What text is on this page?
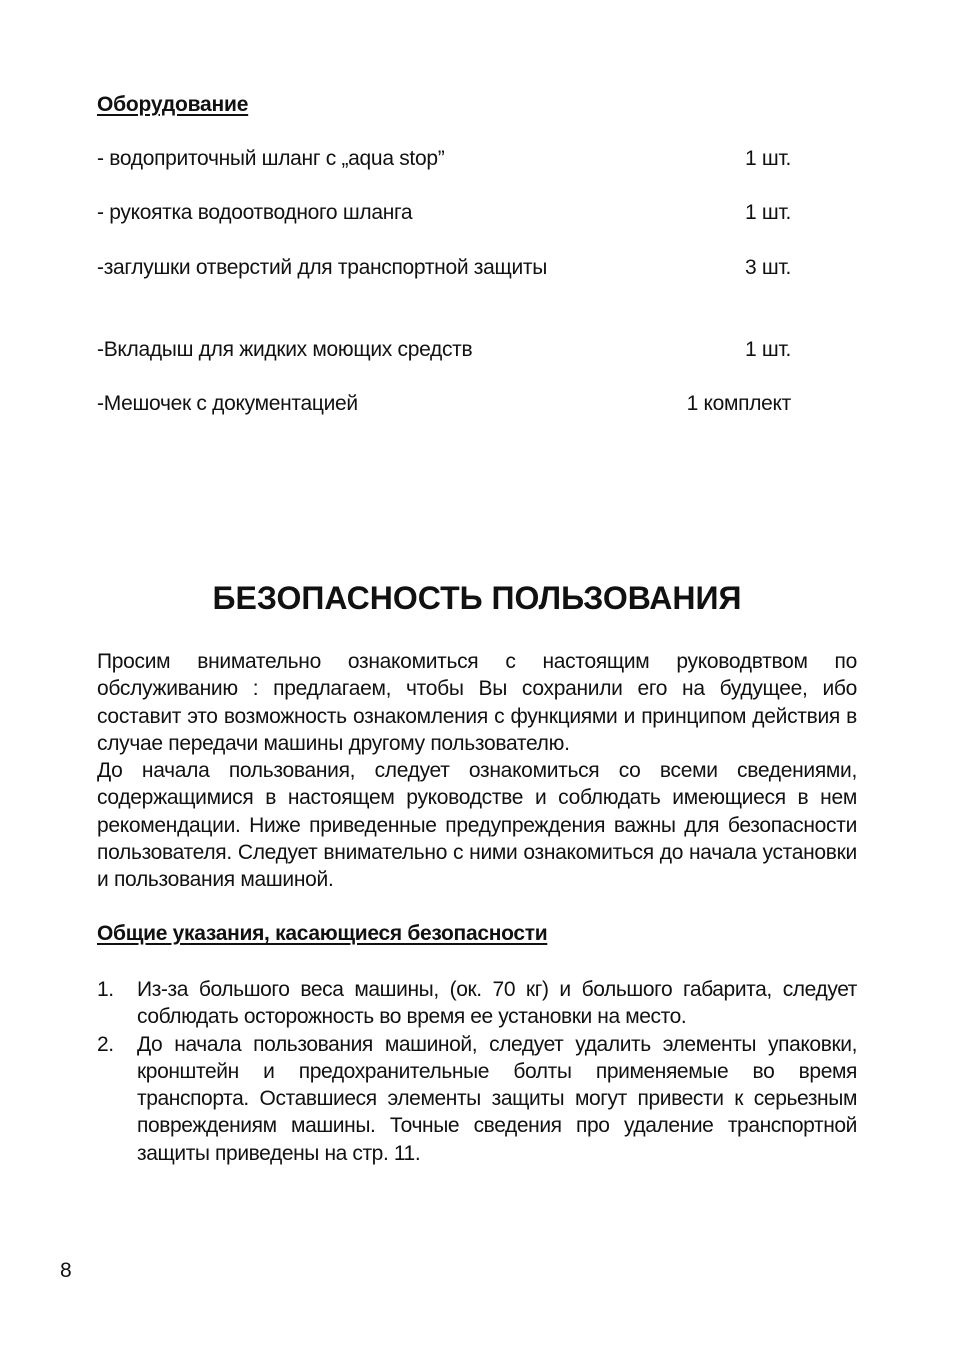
Оборудование
- водоприточный шланг с „aqua stop”	1 шт.
- рукоятка водоотводного шланга	1 шт.
-заглушки отверстий для транспортной защиты	3 шт.
-Вкладыш для жидких моющих средств	1 шт.
-Мешочек с документацией	1 комплект
БЕЗОПАСНОСТЬ ПОЛЬЗОВАНИЯ

Просим внимательно ознакомиться с настоящим руководвтвом по обслуживанию : предлагаем, чтобы Вы сохранили его на будущее, ибо составит это возможность ознакомления с функциями и принципом действия в случае передачи машины другому пользователю.

До начала пользования, следует ознакомиться со всеми сведениями, содержащимися в настоящем руководстве и соблюдать имеющиеся в нем рекомендации. Ниже приведенные предупреждения важны для безопасности пользователя. Следует внимательно с ними ознакомиться до начала установки и пользования машиной.

Общие указания, касающиеся безопасности
1.	Из-за большого веса машины, (ок. 70 кг) и большого габарита, следует соблюдать осторожность во время ее установки на место.
2.	До начала пользования машиной, следует удалить элементы упаковки, кронштейн и предохранительные болты применяемые во время транспорта. Оставшиеся элементы защиты могут привести к серьезным повреждениям машины. Точные сведения про удаление транспортной защиты приведены на стр. 11.
8
